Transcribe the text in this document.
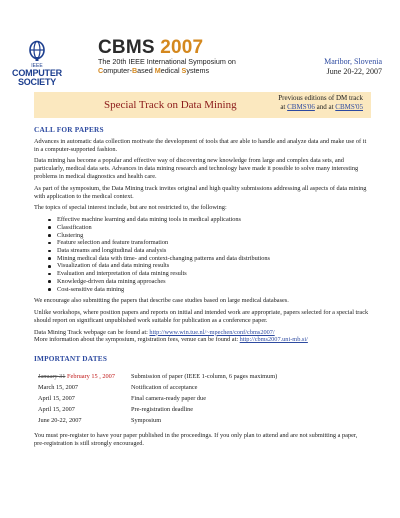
IEEE
COMPUTER
SOCIETY
CBMS 2007
The 20th IEEE International Symposium on
Computer-Based Medical Systems
Maribor, Slovenia
June 20-22, 2007
Special Track on Data Mining
Previous editions of DM track
at CBMS'06 and at CBMS'05
CALL FOR PAPERS
Advances in automatic data collection motivate the development of tools that are able to handle and analyze data and make use of it in a computer-supported fashion.
Data mining has become a popular and effective way of discovering new knowledge from large and complex data sets, and particularly, medical data sets. Advances in data mining research and technology have made it possible to solve many interesting problems in medical diagnostics and health care.
As part of the symposium, the Data Mining track invites original and high quality submissions addressing all aspects of data mining with application to the medical context.
The topics of special interest include, but are not restricted to, the following:
Effective machine learning and data mining tools in medical applications
Classification
Clustering
Feature selection and feature transformation
Data streams and longitudinal data analysis
Mining medical data with time- and context-changing patterns and data distributions
Visualization of data and data mining results
Evaluation and interpretation of data mining results
Knowledge-driven data mining approaches
Cost-sensitive data mining
We encourage also submitting the papers that describe case studies based on large medical databases.
Unlike workshops, where position papers and reports on initial and intended work are appropriate, papers selected for a special track should report on significant unpublished work suitable for publication as a conference paper.
Data Mining Track webpage can be found at: http://www.win.tue.nl/~mpechen/conf/cbms2007/
More information about the symposium, registration fees, venue can be found at: http://cbms2007.uni-mb.si/
IMPORTANT DATES
January 31 February 15 , 2007	Submission of paper (IEEE 1-column, 6 pages maximum)
March 15, 2007	Notification of acceptance
April 15, 2007	Final camera-ready paper due
April 15, 2007	Pre-registration deadline
June 20-22, 2007	Symposium
You must pre-register to have your paper published in the proceedings. If you only plan to attend and are not submitting a paper, pre-registration is still strongly encouraged.
